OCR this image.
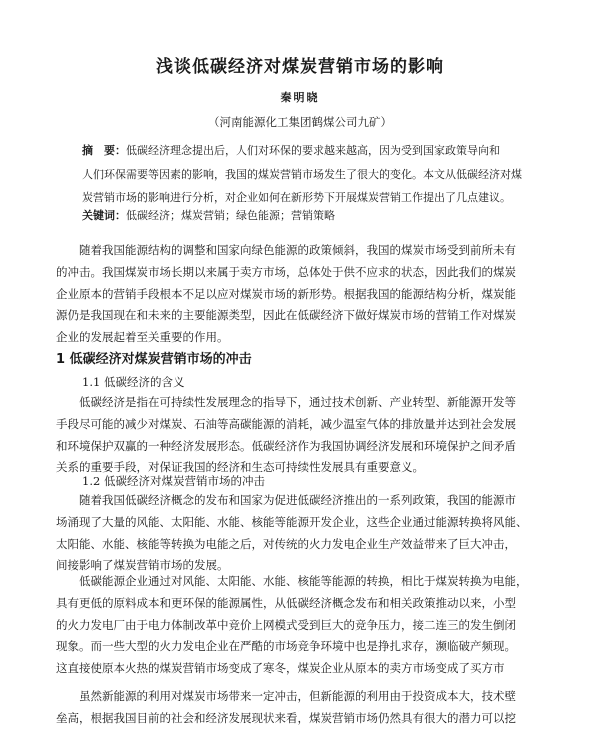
浅谈低碳经济对煤炭营销市场的影响
秦明晓
（河南能源化工集团鹤煤公司九矿）
摘　要：低碳经济理念提出后，人们对环保的要求越来越高，因为受到国家政策导向和
人们环保需要等因素的影响，我国的煤炭营销市场发生了很大的变化。本文从低碳经济对煤
炭营销市场的影响进行分析，对企业如何在新形势下开展煤炭营销工作提出了几点建议。
关键词：低碳经济；煤炭营销；绿色能源；营销策略
　　随着我国能源结构的调整和国家向绿色能源的政策倾斜，我国的煤炭市场受到前所未有
的冲击。我国煤炭市场长期以来属于卖方市场，总体处于供不应求的状态，因此我们的煤炭
企业原本的营销手段根本不足以应对煤炭市场的新形势。根据我国的能源结构分析，煤炭能
源仍是我国现在和未来的主要能源类型，因此在低碳经济下做好煤炭市场的营销工作对煤炭
企业的发展起着至关重要的作用。
1 低碳经济对煤炭营销市场的冲击
1.1 低碳经济的含义
　　低碳经济是指在可持续性发展理念的指导下，通过技术创新、产业转型、新能源开发等
手段尽可能的减少对煤炭、石油等高碳能源的消耗，减少温室气体的排放量并达到社会发展
和环境保护双赢的一种经济发展形态。低碳经济作为我国协调经济发展和环境保护之间矛盾
关系的重要手段，对保证我国的经济和生态可持续性发展具有重要意义。
1.2 低碳经济对煤炭营销市场的冲击
　　随着我国低碳经济概念的发布和国家为促进低碳经济推出的一系列政策，我国的能源市
场涌现了大量的风能、太阳能、水能、核能等能源开发企业，这些企业通过能源转换将风能、
太阳能、水能、核能等转换为电能之后，对传统的火力发电企业生产效益带来了巨大冲击，
间接影响了煤炭营销市场的发展。
　　低碳能源企业通过对风能、太阳能、水能、核能等能源的转换，相比于煤炭转换为电能，
具有更低的原料成本和更环保的能源属性，从低碳经济概念发布和相关政策推动以来，小型
的火力发电厂由于电力体制改革中竞价上网模式受到巨大的竞争压力，接二连三的发生倒闭
现象。而一些大型的火力发电企业在严酷的市场竞争环境中也是挣扎求存，濒临破产频现。
这直接使原本火热的煤炭营销市场变成了寒冬，煤炭企业从原本的卖方市场变成了买方市
　　虽然新能源的利用对煤炭市场带来一定冲击，但新能源的利用由于投资成本大，技术壁
垒高，根据我国目前的社会和经济发展现状来看，煤炭营销市场仍然具有很大的潜力可以挖
